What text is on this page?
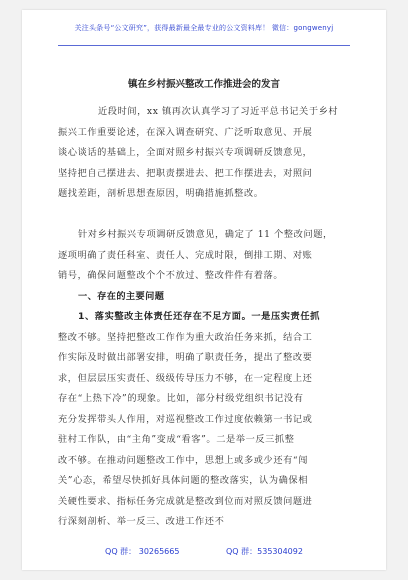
关注头条号“公文研究”，获得最新最全最专业的公文资料库！ 微信：gongwenyj
镇在乡村振兴整改工作推进会的发言
近段时间，xx 镇再次认真学习了习近平总书记关于乡村
振兴工作重要论述，在深入调查研究、广泛听取意见、开展
谈心谈话的基础上，全面对照乡村振兴专项调研反馈意见，
坚持把自己摆进去、把职责摆进去、把工作摆进去，对照问
题找差距，剖析思想查原因，明确措施抓整改。
针对乡村振兴专项调研反馈意见，确定了 11 个整改问题，
逐项明确了责任科室、责任人、完成时限，倒排工期、对账
销号，确保问题整改个个不放过、整改件件有着落。
一、存在的主要问题
1、落实整改主体责任还存在不足方面。一是压实责任抓
整改不够。坚持把整改工作作为重大政治任务来抓，结合工
作实际及时做出部署安排，明确了职责任务，提出了整改要
求，但层层压实责任、级级传导压力不够，在一定程度上还
存在“上热下冷”的现象。比如，部分村级党组织书记没有
充分发挥带头人作用，对巡视整改工作过度依赖第一书记或
驻村工作队，由“主角”变成“看客”。二是举一反三抓整
改不够。在推动问题整改工作中，思想上或多或少还有“闯
关”心态，希望尽快抓好具体问题的整改落实，认为确保相
关硬性要求、指标任务完成就是整改到位而对照反馈问题进
行深刻剖析、举一反三、改进工作还不
QQ 群： 30265665	QQ 群：535304092
